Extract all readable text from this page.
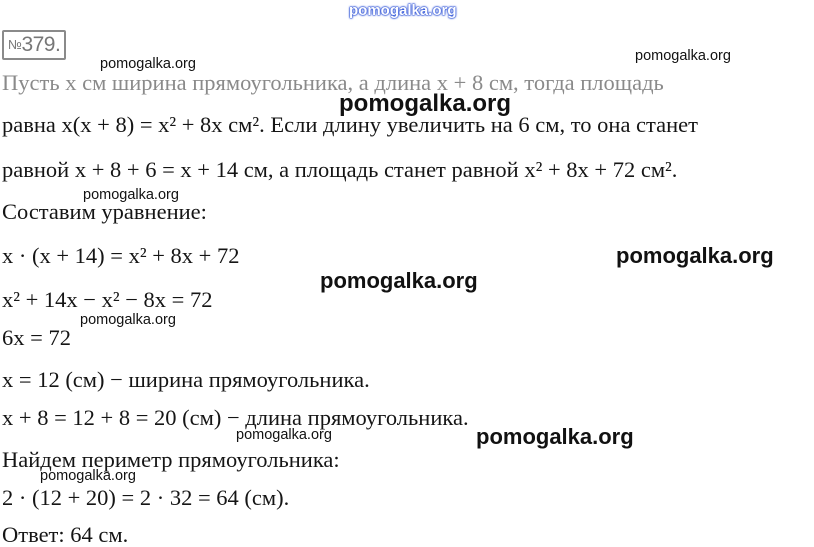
pomogalka.org
№379.
Пусть x см ширина прямоугольника, а длина x + 8 см, тогда площадь
равна x(x + 8) = x² + 8x см². Если длину увеличить на 6 см, то она станет
равной x + 8 + 6 = x + 14 см, а площадь станет равной x² + 8x + 72 см².
Составим уравнение:
x · (x + 14) = x² + 8x + 72
x² + 14x − x² − 8x = 72
6x = 72
x = 12 (см) − ширина прямоугольника.
x + 8 = 12 + 8 = 20 (см) − длина прямоугольника.
Найдем периметр прямоугольника:
2 · (12 + 20) = 2 · 32 = 64 (см).
Ответ: 64 см.
pomogalka.org	pomogalka.org
pomogalka.org
pomogalka.org
pomogalka.org
pomogalka.org
pomogalka.org
pomogalka.org
pomogalka.org
pomogalka.org
